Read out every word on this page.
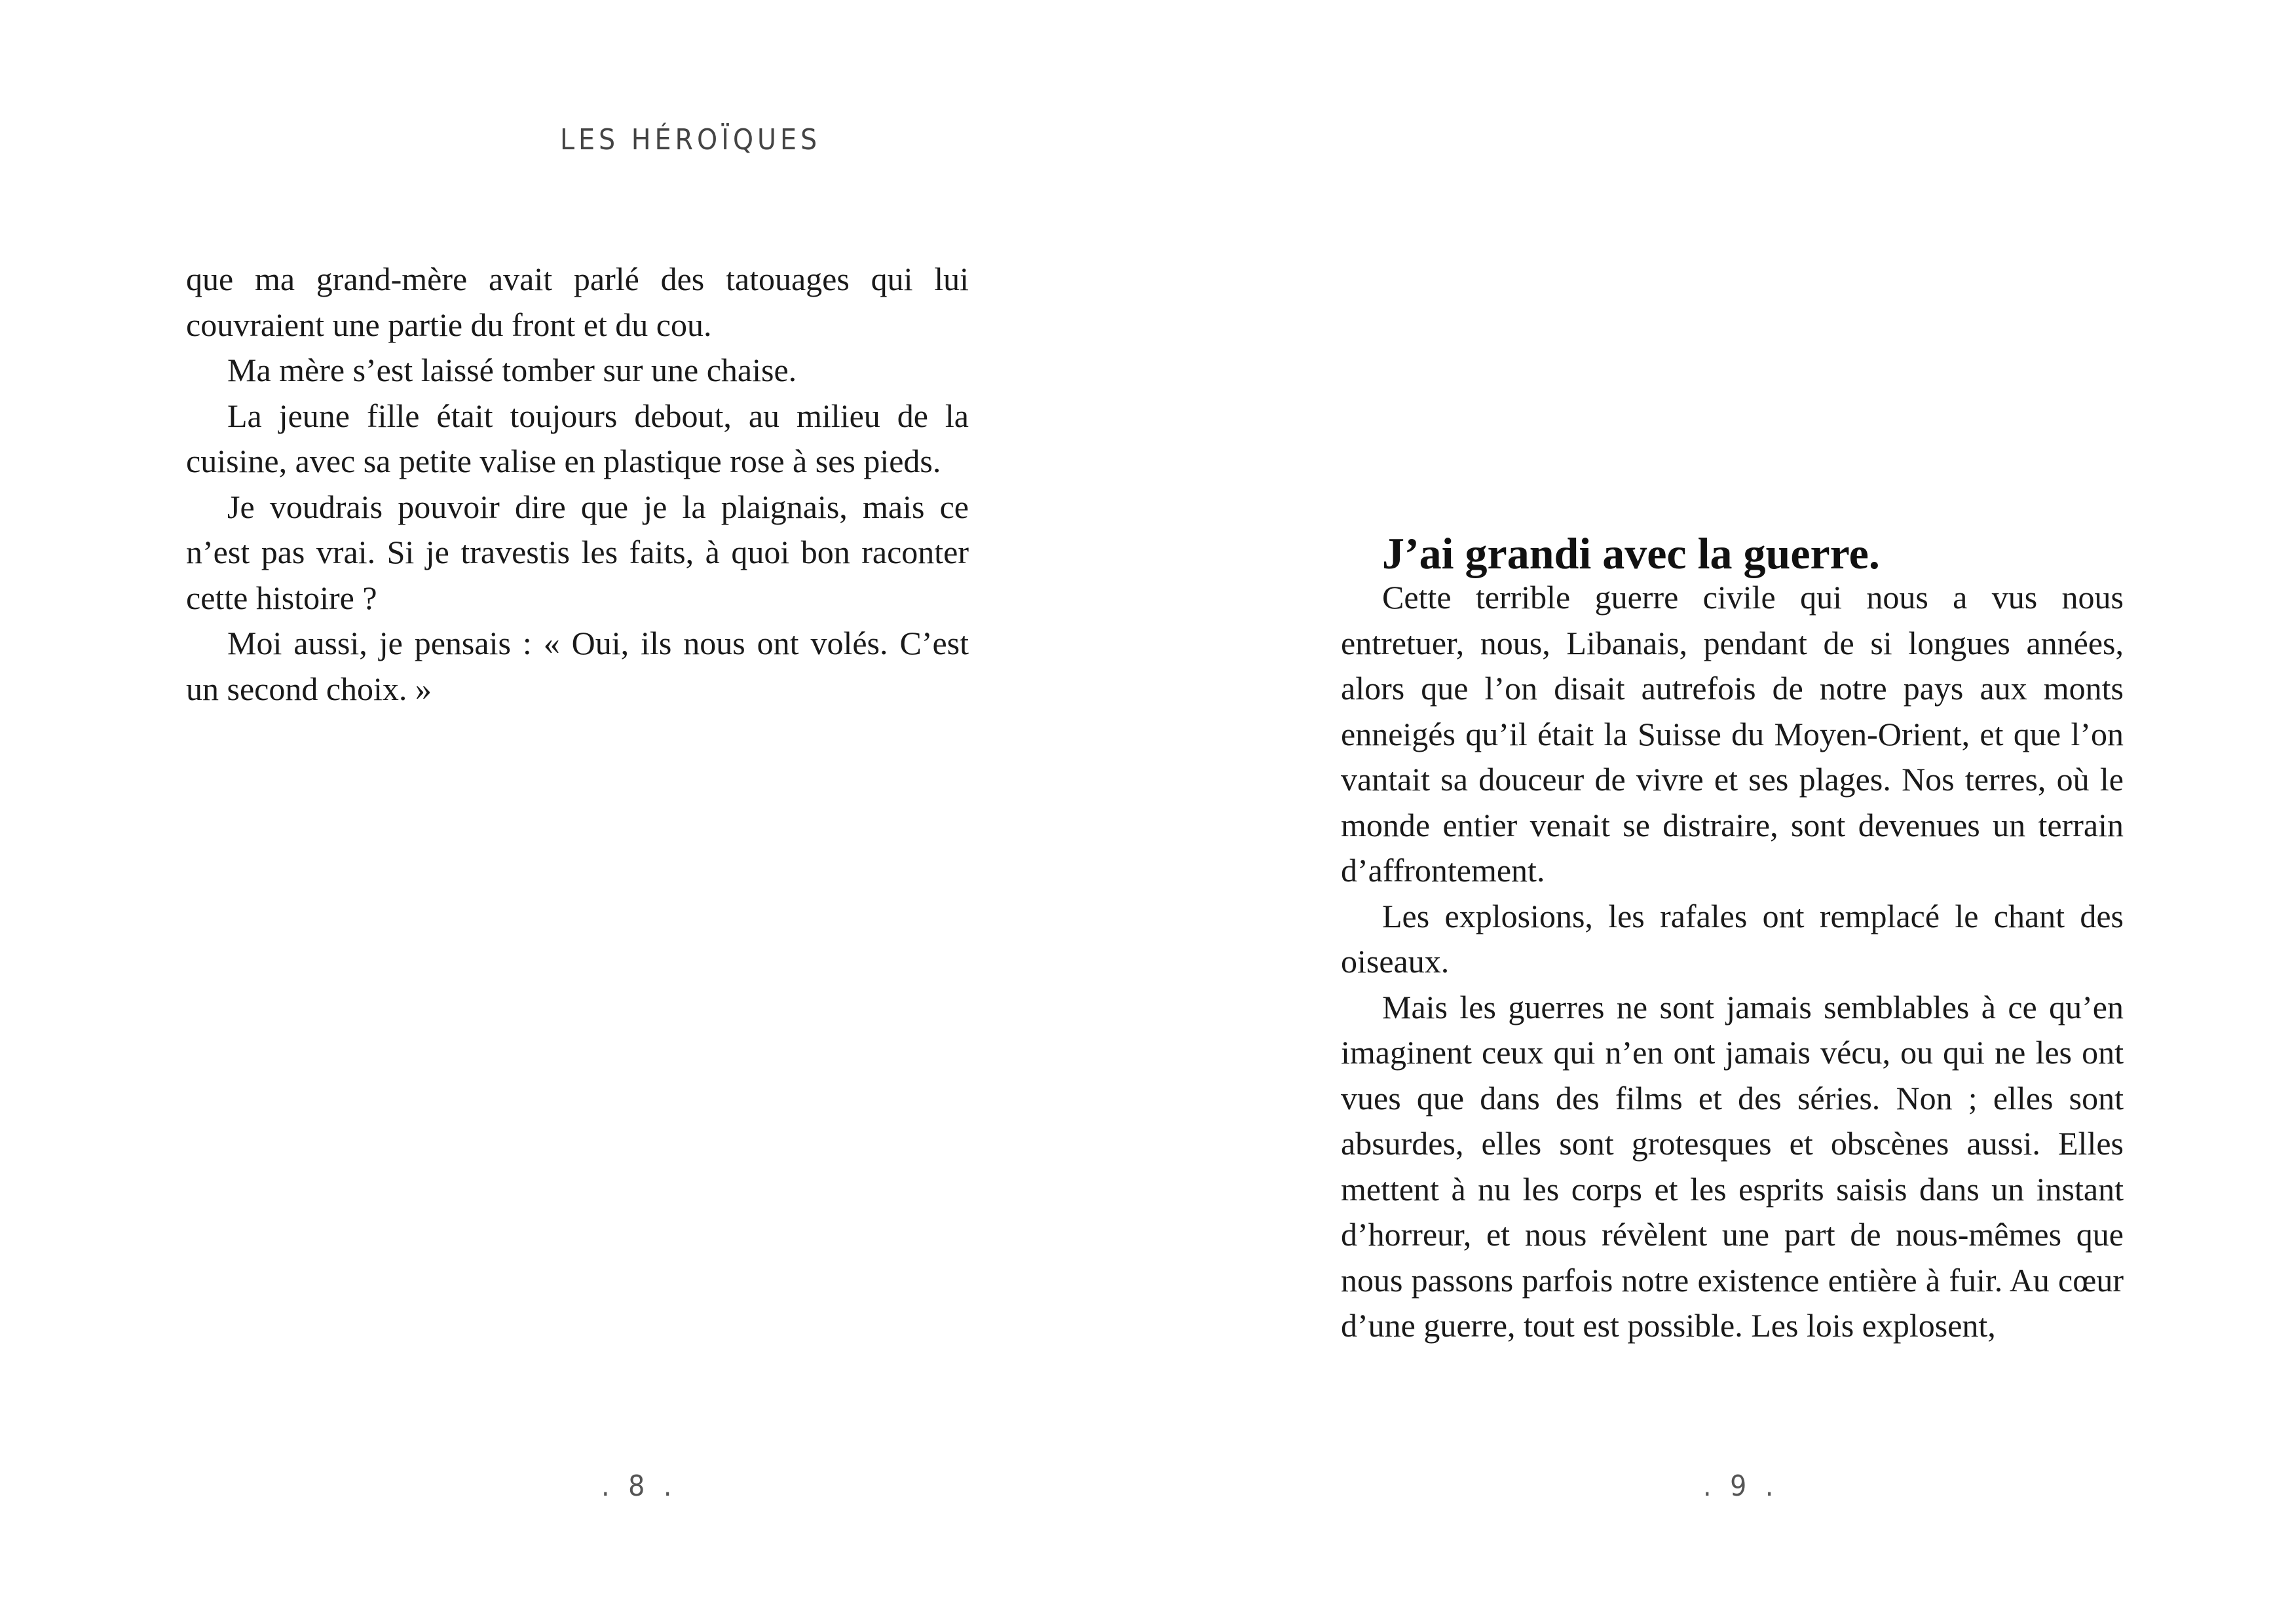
LES HÉROÏQUES

que ma grand-mère avait parlé des tatouages qui lui couvraient une partie du front et du cou.

Ma mère s’est laissé tomber sur une chaise.

La jeune fille était toujours debout, au milieu de la cuisine, avec sa petite valise en plastique rose à ses pieds.

Je voudrais pouvoir dire que je la plaignais, mais ce n’est pas vrai. Si je travestis les faits, à quoi bon raconter cette histoire ?

Moi aussi, je pensais : « Oui, ils nous ont volés. C’est un second choix. »

. 8 .
J’ai grandi avec la guerre.

Cette terrible guerre civile qui nous a vus nous entretuer, nous, Libanais, pendant de si longues années, alors que l’on disait autrefois de notre pays aux monts enneigés qu’il était la Suisse du Moyen-Orient, et que l’on vantait sa douceur de vivre et ses plages. Nos terres, où le monde entier venait se distraire, sont devenues un terrain d’affrontement.

Les explosions, les rafales ont remplacé le chant des oiseaux.

Mais les guerres ne sont jamais semblables à ce qu’en imaginent ceux qui n’en ont jamais vécu, ou qui ne les ont vues que dans des films et des séries. Non ; elles sont absurdes, elles sont grotesques et obscènes aussi. Elles mettent à nu les corps et les esprits saisis dans un instant d’horreur, et nous révèlent une part de nous-mêmes que nous passons parfois notre existence entière à fuir. Au cœur d’une guerre, tout est possible. Les lois explosent,

. 9 .
